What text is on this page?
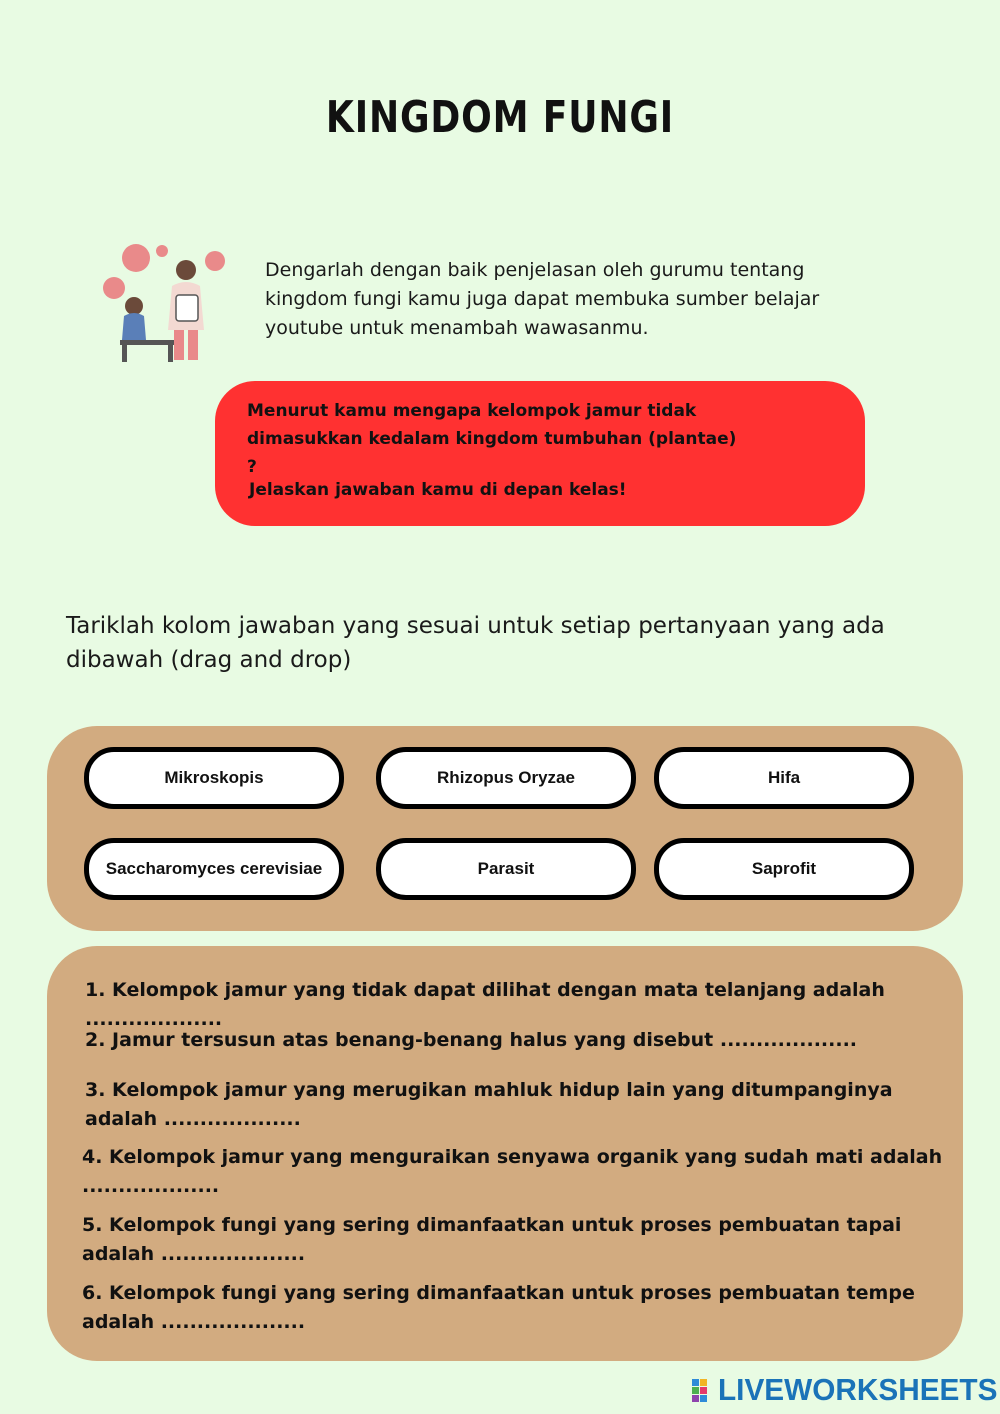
KINGDOM FUNGI
Dengarlah dengan baik penjelasan oleh gurumu tentang kingdom fungi kamu juga dapat membuka sumber belajar youtube untuk menambah wawasanmu.
Menurut kamu mengapa kelompok jamur tidak dimasukkan kedalam kingdom tumbuhan (plantae) ?
Jelaskan jawaban kamu di depan kelas!
Tariklah kolom jawaban yang sesuai untuk setiap pertanyaan yang ada dibawah (drag and drop)
Mikroskopis	Rhizopus Oryzae	Hifa
Saccharomyces cerevisiae	Parasit	Saprofit
1. Kelompok jamur yang tidak dapat dilihat dengan mata telanjang adalah ...................
2. Jamur tersusun atas benang-benang halus yang disebut ...................
3. Kelompok jamur yang merugikan mahluk hidup lain yang ditumpanginya adalah ...................
4. Kelompok jamur yang menguraikan senyawa organik yang sudah mati adalah ...................
5. Kelompok fungi yang sering dimanfaatkan untuk proses pembuatan tapai adalah ....................
6. Kelompok fungi yang sering dimanfaatkan untuk proses pembuatan tempe adalah ....................
LIVEWORKSHEETS
